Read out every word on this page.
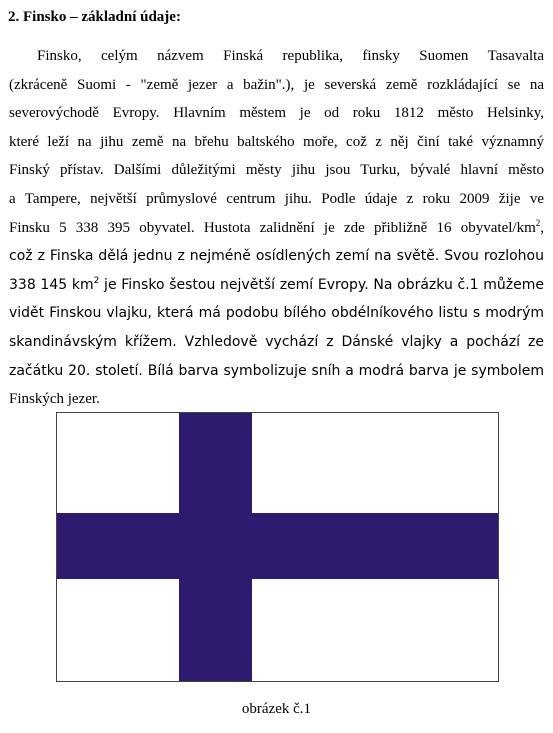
2. Finsko – základní údaje:
Finsko, celým názvem Finská republika, finsky Suomen Tasavalta
(zkráceně Suomi - "země jezer a bažin".), je severská země rozkládající se na
severovýchodě Evropy. Hlavním městem je od roku 1812 město Helsinky,
které leží na jihu země na břehu baltského moře, což z něj činí také významný
Finský přístav. Dalšími důležitými městy jihu jsou Turku, bývalé hlavní město
a Tampere, největší průmyslové centrum jihu. Podle údaje z roku 2009 žije ve
Finsku 5 338 395 obyvatel. Hustota zalidnění je zde přibližně 16 obyvatel/$km^2$,
což z Finska dělá jednu z nejméně osídlených zemí na světě. Svou rozlohou
338 145 $km^2$ je Finsko šestou největší zemí Evropy. Na obrázku č.1 můžeme
vidět Finskou vlajku, která má podobu bílého obdélníkového listu s modrým
skandinávským křížem. Vzhledově vychází z Dánské vlajky a pochází ze
začátku 20. století. Bílá barva symbolizuje sníh a modrá barva je symbolem
Finských jezer.
obrázek č.1
